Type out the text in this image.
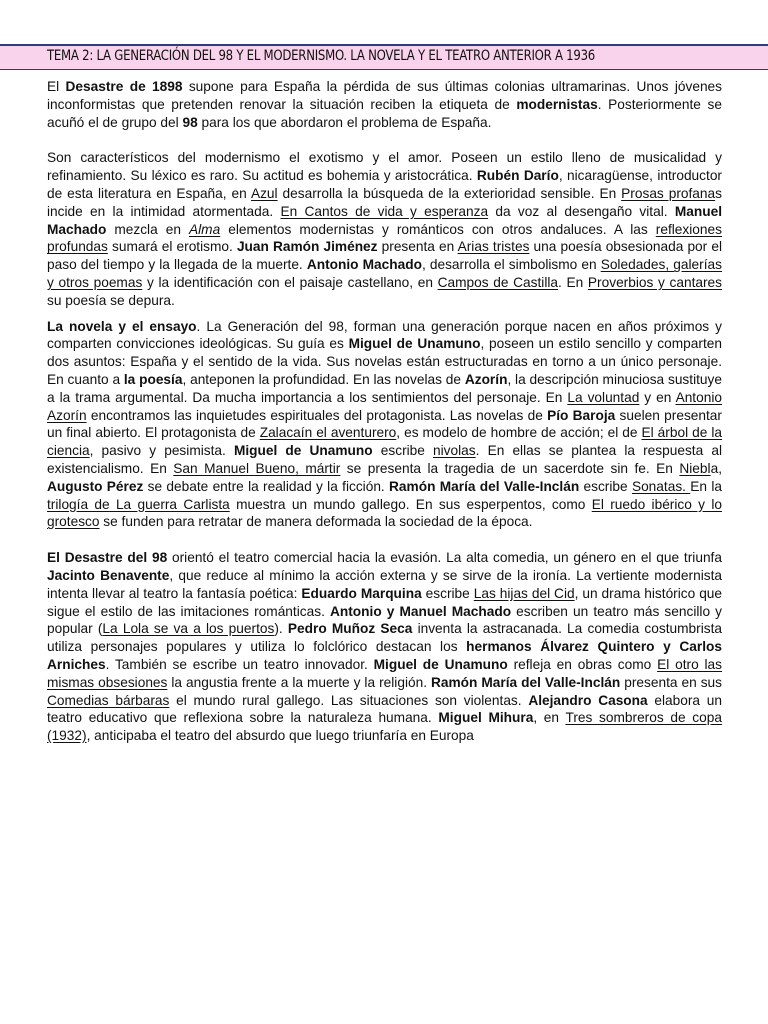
TEMA 2: LA GENERACIÓN DEL 98 Y EL MODERNISMO. LA NOVELA Y EL TEATRO ANTERIOR A 1936

El Desastre de 1898 supone para España la pérdida de sus últimas colonias ultramarinas. Unos jóvenes inconformistas que pretenden renovar la situación reciben la etiqueta de modernistas. Posteriormente se acuñó el de grupo del 98 para los que abordaron el problema de España.

Son característicos del modernismo el exotismo y el amor. Poseen un estilo lleno de musicalidad y refinamiento. Su léxico es raro. Su actitud es bohemia y aristocrática. Rubén Darío, nicaragüense, introductor de esta literatura en España, en Azul desarrolla la búsqueda de la exterioridad sensible. En Prosas profanas incide en la intimidad atormentada. En Cantos de vida y esperanza da voz al desengaño vital. Manuel Machado mezcla en Alma elementos modernistas y románticos con otros andaluces. A las reflexiones profundas sumará el erotismo. Juan Ramón Jiménez presenta en Arias tristes una poesía obsesionada por el paso del tiempo y la llegada de la muerte. Antonio Machado, desarrolla el simbolismo en Soledades, galerías y otros poemas y la identificación con el paisaje castellano, en Campos de Castilla. En Proverbios y cantares su poesía se depura.

La novela y el ensayo. La Generación del 98, forman una generación porque nacen en años próximos y comparten convicciones ideológicas. Su guía es Miguel de Unamuno, poseen un estilo sencillo y comparten dos asuntos: España y el sentido de la vida. Sus novelas están estructuradas en torno a un único personaje. En cuanto a la poesía, anteponen la profundidad. En las novelas de Azorín, la descripción minuciosa sustituye a la trama argumental. Da mucha importancia a los sentimientos del personaje. En La voluntad y en Antonio Azorín encontramos las inquietudes espirituales del protagonista. Las novelas de Pío Baroja suelen presentar un final abierto. El protagonista de Zalacaín el aventurero, es modelo de hombre de acción; el de El árbol de la ciencia, pasivo y pesimista. Miguel de Unamuno escribe nivolas. En ellas se plantea la respuesta al existencialismo. En San Manuel Bueno, mártir se presenta la tragedia de un sacerdote sin fe. En Niebla, Augusto Pérez se debate entre la realidad y la ficción. Ramón María del Valle-Inclán escribe Sonatas. En la trilogía de La guerra Carlista muestra un mundo gallego. En sus esperpentos, como El ruedo ibérico y lo grotesco se funden para retratar de manera deformada la sociedad de la época.

El Desastre del 98 orientó el teatro comercial hacia la evasión. La alta comedia, un género en el que triunfa Jacinto Benavente, que reduce al mínimo la acción externa y se sirve de la ironía. La vertiente modernista intenta llevar al teatro la fantasía poética: Eduardo Marquina escribe Las hijas del Cid, un drama histórico que sigue el estilo de las imitaciones románticas. Antonio y Manuel Machado escriben un teatro más sencillo y popular (La Lola se va a los puertos). Pedro Muñoz Seca inventa la astracanada. La comedia costumbrista utiliza personajes populares y utiliza lo folclórico destacan los hermanos Álvarez Quintero y Carlos Arniches. También se escribe un teatro innovador. Miguel de Unamuno refleja en obras como El otro las mismas obsesiones la angustia frente a la muerte y la religión. Ramón María del Valle-Inclán presenta en sus Comedias bárbaras el mundo rural gallego. Las situaciones son violentas. Alejandro Casona elabora un teatro educativo que reflexiona sobre la naturaleza humana. Miguel Mihura, en Tres sombreros de copa (1932), anticipaba el teatro del absurdo que luego triunfaría en Europa
